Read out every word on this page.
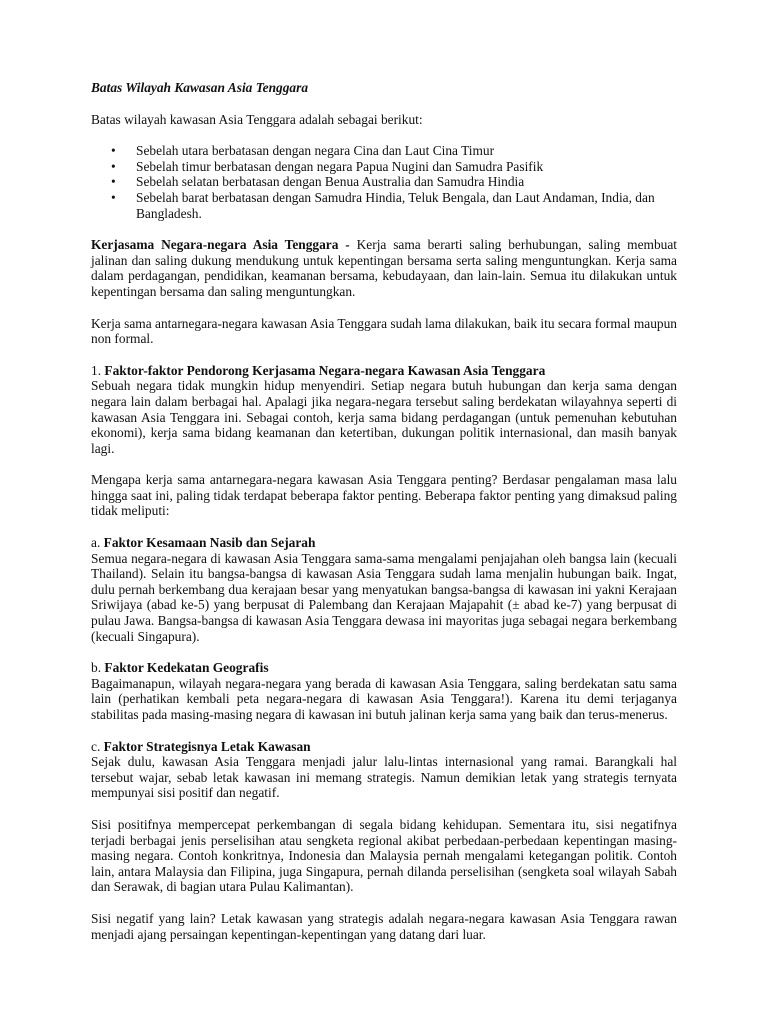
Batas Wilayah Kawasan Asia Tenggara

Batas wilayah kawasan Asia Tenggara adalah sebagai berikut:

• Sebelah utara berbatasan dengan negara Cina dan Laut Cina Timur
• Sebelah timur berbatasan dengan negara Papua Nugini dan Samudra Pasifik
• Sebelah selatan berbatasan dengan Benua Australia dan Samudra Hindia
• Sebelah barat berbatasan dengan Samudra Hindia, Teluk Bengala, dan Laut Andaman, India, dan Bangladesh.

Kerjasama Negara-negara Asia Tenggara - Kerja sama berarti saling berhubungan, saling membuat jalinan dan saling dukung mendukung untuk kepentingan bersama serta saling menguntungkan. Kerja sama dalam perdagangan, pendidikan, keamanan bersama, kebudayaan, dan lain-lain. Semua itu dilakukan untuk kepentingan bersama dan saling menguntungkan.

Kerja sama antarnegara-negara kawasan Asia Tenggara sudah lama dilakukan, baik itu secara formal maupun non formal.

1. Faktor-faktor Pendorong Kerjasama Negara-negara Kawasan Asia Tenggara
Sebuah negara tidak mungkin hidup menyendiri. Setiap negara butuh hubungan dan kerja sama dengan negara lain dalam berbagai hal. Apalagi jika negara-negara tersebut saling berdekatan wilayahnya seperti di kawasan Asia Tenggara ini. Sebagai contoh, kerja sama bidang perdagangan (untuk pemenuhan kebutuhan ekonomi), kerja sama bidang keamanan dan ketertiban, dukungan politik internasional, dan masih banyak lagi.

Mengapa kerja sama antarnegara-negara kawasan Asia Tenggara penting? Berdasar pengalaman masa lalu hingga saat ini, paling tidak terdapat beberapa faktor penting. Beberapa faktor penting yang dimaksud paling tidak meliputi:

a. Faktor Kesamaan Nasib dan Sejarah
Semua negara-negara di kawasan Asia Tenggara sama-sama mengalami penjajahan oleh bangsa lain (kecuali Thailand). Selain itu bangsa-bangsa di kawasan Asia Tenggara sudah lama menjalin hubungan baik. Ingat, dulu pernah berkembang dua kerajaan besar yang menyatukan bangsa-bangsa di kawasan ini yakni Kerajaan Sriwijaya (abad ke-5) yang berpusat di Palembang dan Kerajaan Majapahit (± abad ke-7) yang berpusat di pulau Jawa. Bangsa-bangsa di kawasan Asia Tenggara dewasa ini mayoritas juga sebagai negara berkembang (kecuali Singapura).
b. Faktor Kedekatan Geografis
Bagaimanapun, wilayah negara-negara yang berada di kawasan Asia Tenggara, saling berdekatan satu sama lain (perhatikan kembali peta negara-negara di kawasan Asia Tenggara!). Karena itu demi terjaganya stabilitas pada masing-masing negara di kawasan ini butuh jalinan kerja sama yang baik dan terus-menerus.
c. Faktor Strategisnya Letak Kawasan
Sejak dulu, kawasan Asia Tenggara menjadi jalur lalu-lintas internasional yang ramai. Barangkali hal tersebut wajar, sebab letak kawasan ini memang strategis. Namun demikian letak yang strategis ternyata mempunyai sisi positif dan negatif.

Sisi positifnya mempercepat perkembangan di segala bidang kehidupan. Sementara itu, sisi negatifnya terjadi berbagai jenis perselisihan atau sengketa regional akibat perbedaan-perbedaan kepentingan masing-masing negara. Contoh konkritnya, Indonesia dan Malaysia pernah mengalami ketegangan politik. Contoh lain, antara Malaysia dan Filipina, juga Singapura, pernah dilanda perselisihan (sengketa soal wilayah Sabah dan Serawak, di bagian utara Pulau Kalimantan).

Sisi negatif yang lain? Letak kawasan yang strategis adalah negara-negara kawasan Asia Tenggara rawan menjadi ajang persaingan kepentingan-kepentingan yang datang dari luar.
